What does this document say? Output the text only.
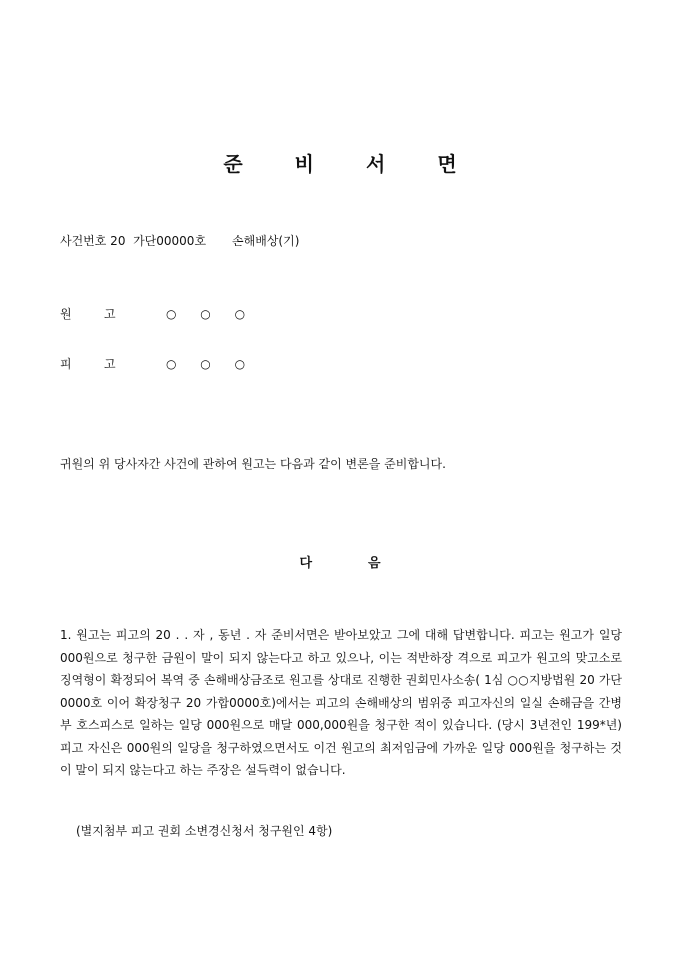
준	비	서	면
사건번호 20  가단00000호 손해배상(기)
원	고	○ ○ ○
피	고	○ ○ ○
귀원의 위 당사자간 사건에 관하여 원고는 다음과 같이 변론을 준비합니다.
다	음
1. 원고는 피고의 20 . . 자 , 동년 . 자 준비서면은 받아보았고 그에 대해 답변합니다. 피고는 원고가 일당 000원으로 청구한 금원이 말이 되지 않는다고 하고 있으나, 이는 적반하장 격으로 피고가 원고의 맞고소로 징역형이 확정되어 복역 중 손해배상금조로 원고를 상대로 진행한 권회민사소송( 1심 ○○지방법원 20 가단0000호 이어 확장청구 20 가합0000호)에서는 피고의 손해배상의 범위중 피고자신의 일실 손해금을 간병부 호스피스로 일하는 일당 000원으로 매달 000,000원을 청구한 적이 있습니다. (당시 3년전인 199*년) 피고 자신은 000원의 일당을 청구하였으면서도 이건 원고의 최저임금에 가까운 일당 000원을 청구하는 것이 말이 되지 않는다고 하는 주장은 설득력이 없습니다.
(별지첨부 피고 권회 소변경신청서 청구원인 4항)
